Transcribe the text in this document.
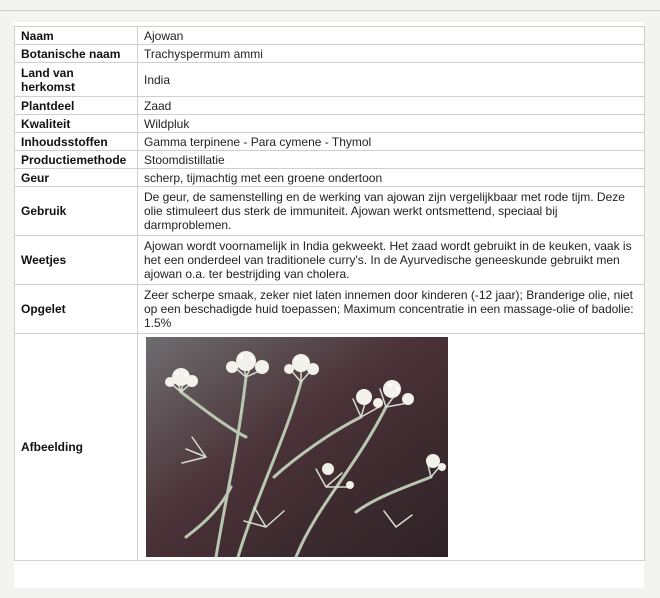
Naam	Ajowan
Botanische naam	Trachyspermum ammi
Land van herkomst	India
Plantdeel	Zaad
Kwaliteit	Wildpluk
Inhoudsstoffen	Gamma terpinene - Para cymene - Thymol
Productiemethode	Stoomdistillatie
Geur	scherp, tijmachtig met een groene ondertoon
Gebruik	De geur, de samenstelling en de werking van ajowan zijn vergelijkbaar met rode tijm. Deze olie stimuleert dus sterk de immuniteit. Ajowan werkt ontsmettend, speciaal bij darmproblemen.
Weetjes	Ajowan wordt voornamelijk in India gekweekt. Het zaad wordt gebruikt in de keuken, vaak is het een onderdeel van traditionele curry's. In de Ayurvedische geneeskunde gebruikt men ajowan o.a. ter bestrijding van cholera.
Opgelet	Zeer scherpe smaak, zeker niet laten innemen door kinderen (-12 jaar); Branderige olie, niet op een beschadigde huid toepassen; Maximum concentratie in een massage-olie of badolie: 1.5%
Afbeelding	
